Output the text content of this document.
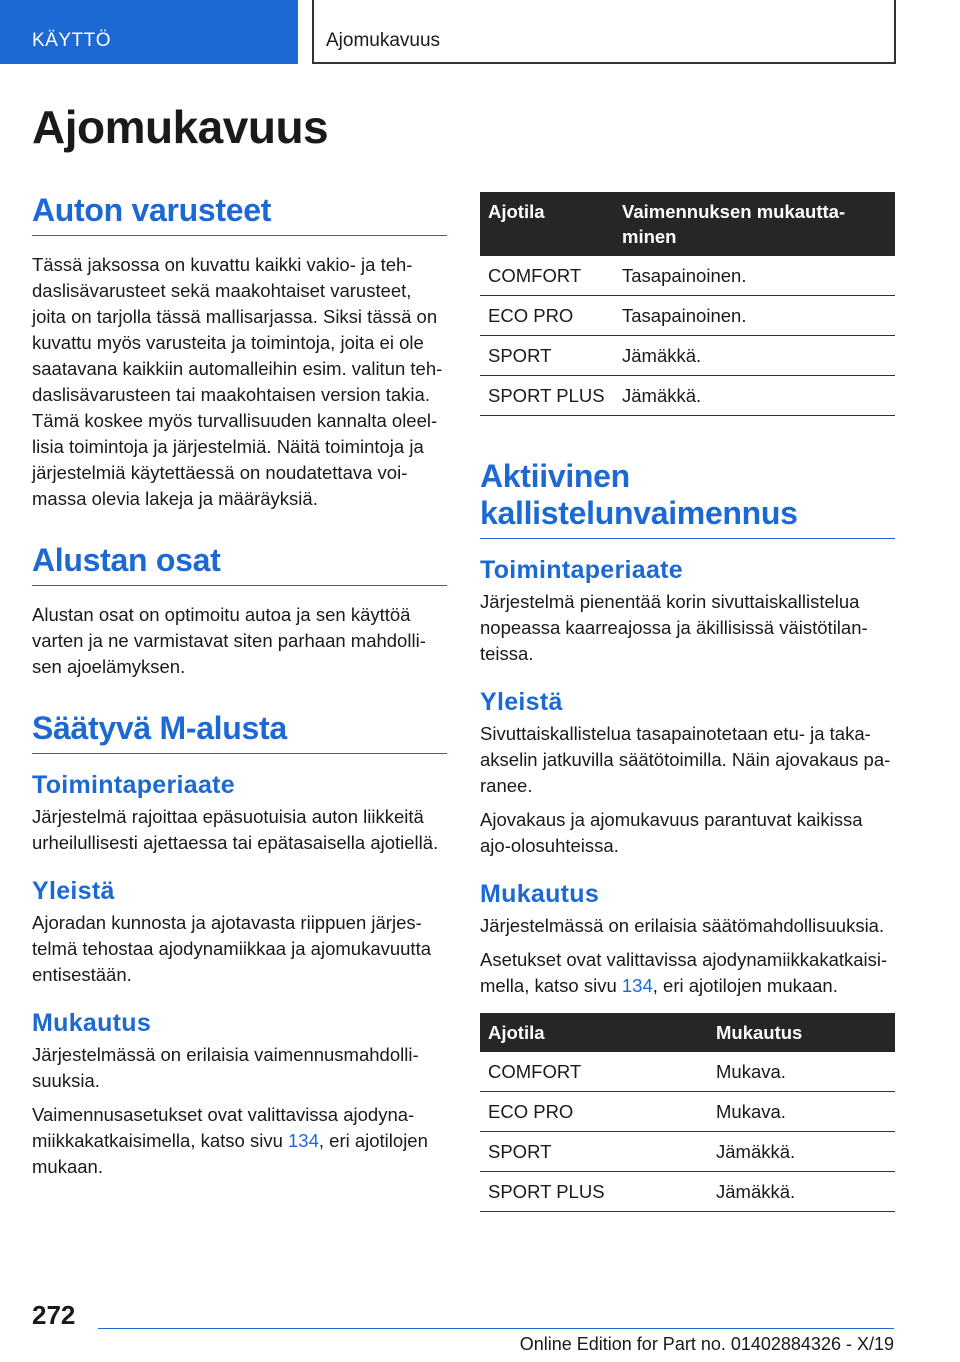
KÄYTTÖ	Ajomukavuus
Ajomukavuus
Auton varusteet

Tässä jaksossa on kuvattu kaikki vakio- ja tehdaslisävarusteet sekä maakohtaiset varusteet, joita on tarjolla tässä mallisarjassa. Siksi tässä on kuvattu myös varusteita ja toimintoja, joita ei ole saatavana kaikkiin automalleihin esim. valitun tehdaslisävarusteen tai maakohtaisen version takia. Tämä koskee myös turvallisuuden kannalta oleellisia toimintoja ja järjestelmiä. Näitä toimintoja ja järjestelmiä käytettäessä on noudatettava voimassa olevia lakeja ja määräyksiä.

Alustan osat

Alustan osat on optimoitu autoa ja sen käyttöä varten ja ne varmistavat siten parhaan mahdollisen ajoelämyksen.

Säätyvä M-alusta
Toimintaperiaate

Järjestelmä rajoittaa epäsuotuisia auton liikkeitä urheilullisesti ajettaessa tai epätasaisella ajotiellä.

Yleistä

Ajoradan kunnosta ja ajotavasta riippuen järjestelmä tehostaa ajodynamiikkaa ja ajomukavuutta entisestään.

Mukautus

Järjestelmässä on erilaisia vaimennusmahdollisuuksia.

Vaimennusasetukset ovat valittavissa ajodynamiikkakatkaisimella, katso sivu 134, eri ajotilojen mukaan.

Ajotila	Vaimennuksen mukauttaminen
COMFORT	Tasapainoinen.
ECO PRO	Tasapainoinen.
SPORT	Jämäkkä.
SPORT PLUS	Jämäkkä.
Aktiivinen kallistelunvaimennus
Toimintaperiaate

Järjestelmä pienentää korin sivuttaiskallistelua nopeassa kaarreajossa ja äkillisissä väistötilanteissa.

Yleistä

Sivuttaiskallistelua tasapainotetaan etu- ja takaakselin jatkuvilla säätötoimilla. Näin ajovakaus paranee.

Ajovakaus ja ajomukavuus parantuvat kaikissa ajo-olosuhteissa.

Mukautus

Järjestelmässä on erilaisia säätömahdollisuuksia.

Asetukset ovat valittavissa ajodynamiikkakatkaisimella, katso sivu 134, eri ajotilojen mukaan.

Ajotila	Mukautus
COMFORT	Mukava.
ECO PRO	Mukava.
SPORT	Jämäkkä.
SPORT PLUS	Jämäkkä.
272
Online Edition for Part no. 01402884326 - X/19
